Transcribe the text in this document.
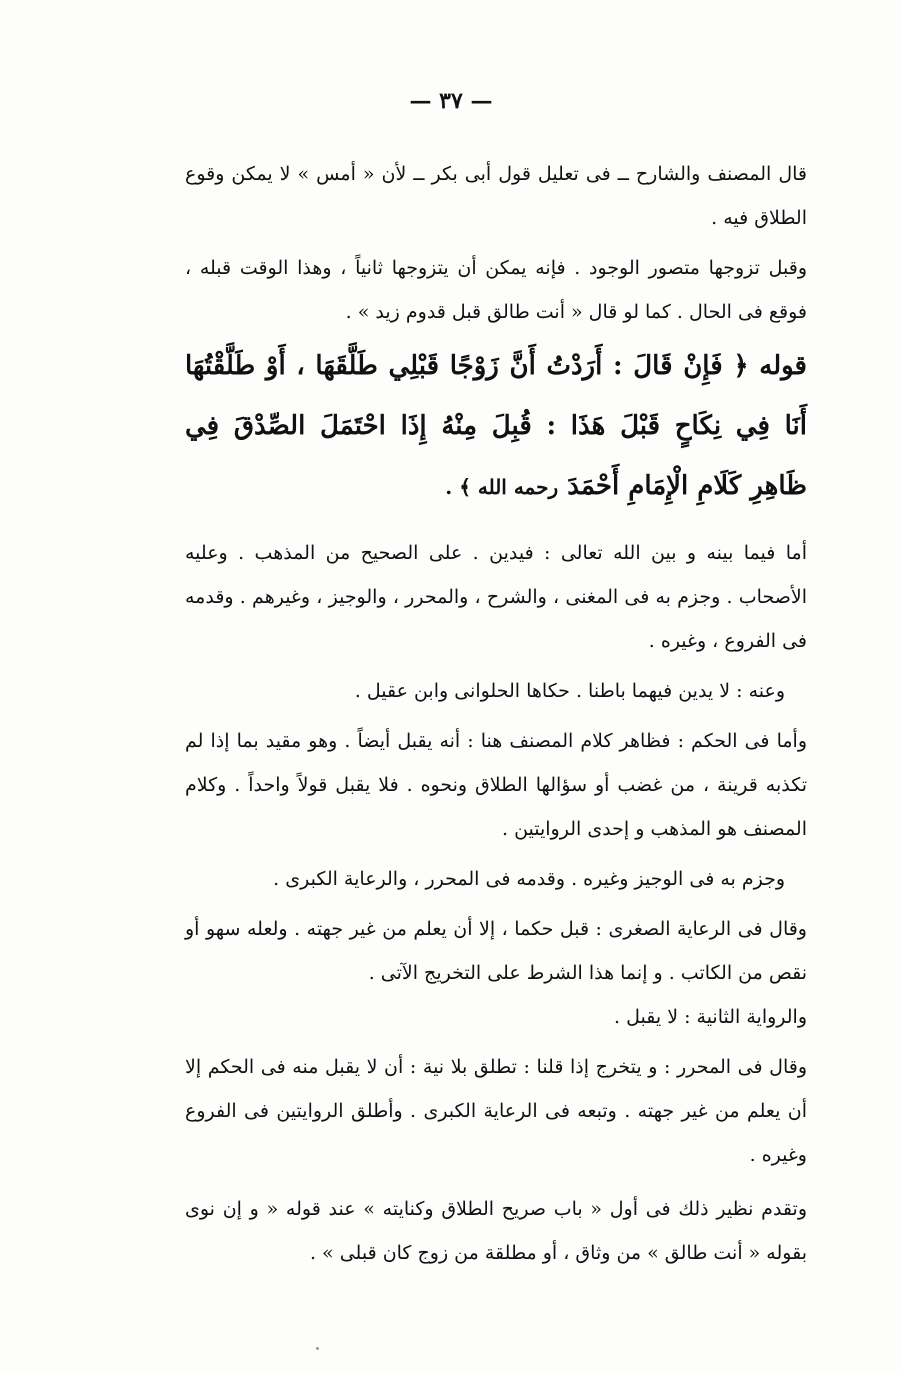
— ٣٧ —

قال المصنف والشارح ــ فى تعليل قول أبى بكر ــ لأن « أمس » لا يمكن وقوع الطلاق فيه .

وقبل تزوجها متصور الوجود . فإنه يمكن أن يتزوجها ثانياً ، وهذا الوقت قبله ، فوقع فى الحال . كما لو قال « أنت طالق قبل قدوم زيد » .

قوله ﴿ فَإِنْ قَالَ : أَرَدْتُ أَنَّ زَوْجًا قَبْلِي طَلَّقَهَا ، أَوْ طَلَّقْتُهَا أَنَا فِي نِكَاحٍ قَبْلَ هَذَا : قُبِلَ مِنْهُ إِذَا احْتَمَلَ الصِّدْقَ فِي ظَاهِرِ كَلَامِ الْإِمَامِ أَحْمَدَ رحمه الله ﴾ .

أما فيما بينه و بين الله تعالى : فيدين . على الصحيح من المذهب . وعليه الأصحاب . وجزم به فى المغنى ، والشرح ، والمحرر ، والوجيز ، وغيرهم . وقدمه فى الفروع ، وغيره .

وعنه : لا يدين فيهما باطنا . حكاها الحلوانى وابن عقيل .

وأما فى الحكم : فظاهر كلام المصنف هنا : أنه يقبل أيضاً . وهو مقيد بما إذا لم تكذبه قرينة ، من غضب أو سؤالها الطلاق ونحوه . فلا يقبل قولاً واحداً . وكلام المصنف هو المذهب و إحدى الروايتين .

وجزم به فى الوجيز وغيره . وقدمه فى المحرر ، والرعاية الكبرى .

وقال فى الرعاية الصغرى : قبل حكما ، إلا أن يعلم من غير جهته . ولعله سهو أو نقص من الكاتب . و إنما هذا الشرط على التخريج الآتى .

والرواية الثانية : لا يقبل .

وقال فى المحرر : و يتخرج إذا قلنا : تطلق بلا نية : أن لا يقبل منه فى الحكم إلا أن يعلم من غير جهته . وتبعه فى الرعاية الكبرى . وأطلق الروايتين فى الفروع وغيره .

وتقدم نظير ذلك فى أول « باب صريح الطلاق وكنايته » عند قوله « و إن نوى بقوله « أنت طالق » من وثاق ، أو مطلقة من زوج كان قبلى » .
